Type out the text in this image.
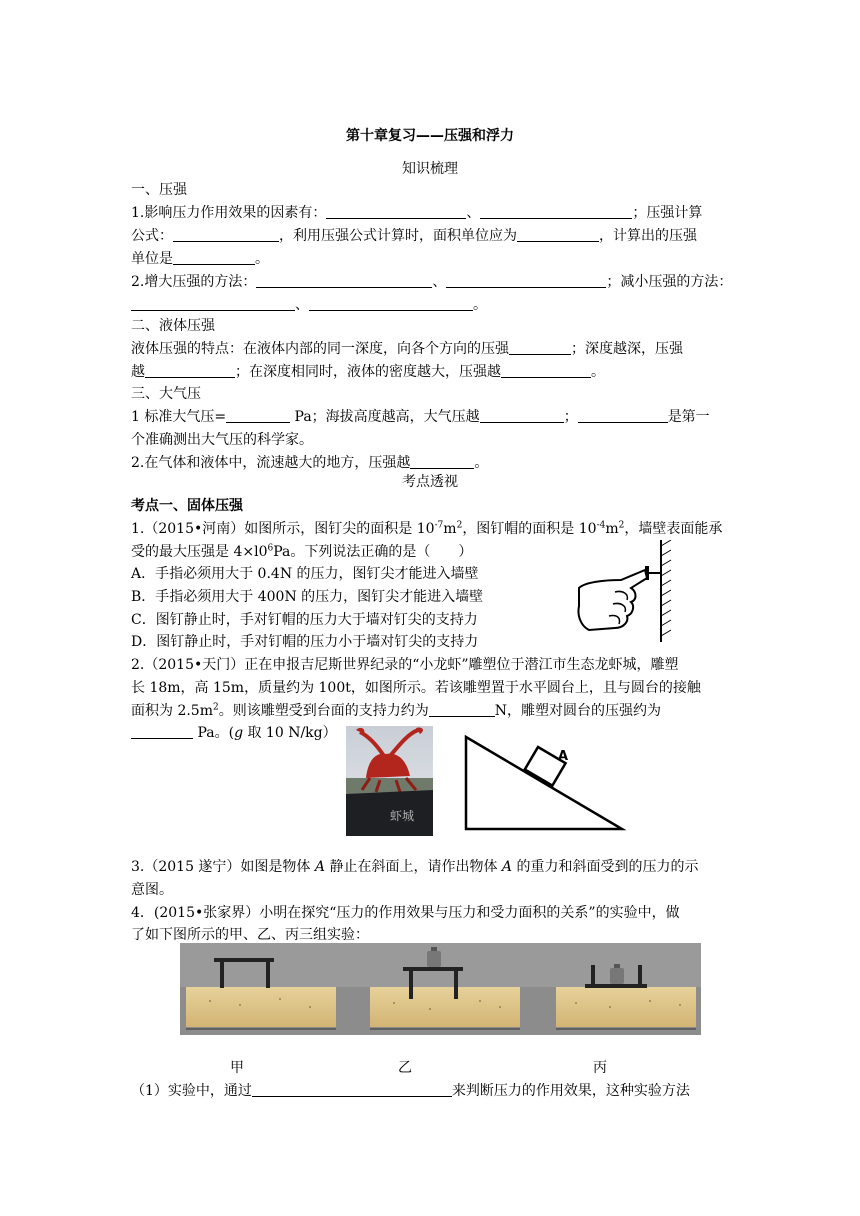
第十章复习——压强和浮力
知识梳理
一、压强
1.影响压力作用效果的因素有：	、	；压强计算
公式：	，利用压强公式计算时，面积单位应为	，计算出的压强
单位是	。
2.增大压强的方法：	、	；减小压强的方法：
、	。
二、液体压强
液体压强的特点：在液体内部的同一深度，向各个方向的压强	；深度越深，压强
越	；在深度相同时，液体的密度越大，压强越	。
三、大气压
1 标准大气压=	Pa；海拔高度越高，大气压越	；	是第一
个准确测出大气压的科学家。
2.在气体和液体中，流速越大的地方，压强越	。
考点透视
考点一、固体压强
1.（2015•河南）如图所示，图钉尖的面积是 $10^{-7}m^2$，图钉帽的面积是 $10^{-4}m^2$，墙壁表面能承
受的最大压强是 $4\times l0^6Pa$。下列说法正确的是（　　）
A．手指必须用大于 0.4N 的压力，图钉尖才能进入墙壁
B．手指必须用大于 400N 的压力，图钉尖才能进入墙壁
C．图钉静止时，手对钉帽的压力大于墙对钉尖的支持力
D．图钉静止时，手对钉帽的压力小于墙对钉尖的支持力
2.（2015•天门）正在申报吉尼斯世界纪录的“小龙虾”雕塑位于潜江市生态龙虾城，雕塑
长 18m，高 15m，质量约为 100t，如图所示。若该雕塑置于水平圆台上，且与圆台的接触
面积为 $2.5m^2$。则该雕塑受到台面的支持力约为	N，雕塑对圆台的压强约为
Pa。(g 取 10 N/kg）
虾城
A
3.（2015 遂宁）如图是物体 A 静止在斜面上，请作出物体 A 的重力和斜面受到的压力的示
意图。
4．(2015•张家界）小明在探究“压力的作用效果与压力和受力面积的关系”的实验中，做
了如下图所示的甲、乙、丙三组实验：
甲	乙	丙
（1）实验中，通过	来判断压力的作用效果，这种实验方法
